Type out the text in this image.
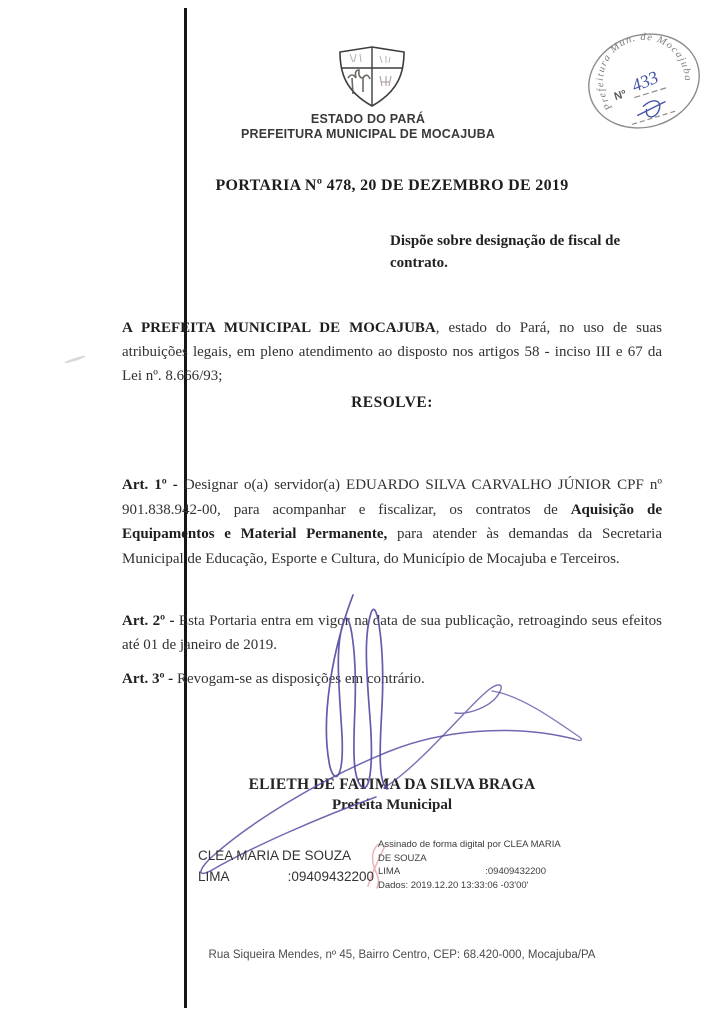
ESTADO DO PARÁ
PREFEITURA MUNICIPAL DE MOCAJUBA
Prefeitura Mun. de Mocajuba
Nº 433
PORTARIA Nº 478, 20 DE DEZEMBRO DE 2019
Dispõe sobre designação de fiscal de contrato.

A PREFEITA MUNICIPAL DE MOCAJUBA, estado do Pará, no uso de suas atribuições legais, em pleno atendimento ao disposto nos artigos 58 - inciso III e 67 da Lei nº. 8.666/93;

RESOLVE:

Art. 1º - Designar o(a) servidor(a) EDUARDO SILVA CARVALHO JÚNIOR CPF nº 901.838.942-00, para acompanhar e fiscalizar, os contratos de Aquisição de Equipamentos e Material Permanente, para atender às demandas da Secretaria Municipal de Educação, Esporte e Cultura, do Município de Mocajuba e Terceiros.

Art. 2º - Esta Portaria entra em vigor na data de sua publicação, retroagindo seus efeitos até 01 de janeiro de 2019.

Art. 3º - Revogam-se as disposições em contrário.

ELIETH DE FATIMA DA SILVA BRAGA
Prefeita Municipal
CLEA MARIA DE SOUZA
LIMA	:09409432200
Assinado de forma digital por CLEA MARIA
DE SOUZA
LIMA	:09409432200
Dados: 2019.12.20 13:33:06 -03'00'
Rua Siqueira Mendes, nº 45, Bairro Centro, CEP: 68.420-000, Mocajuba/PA
